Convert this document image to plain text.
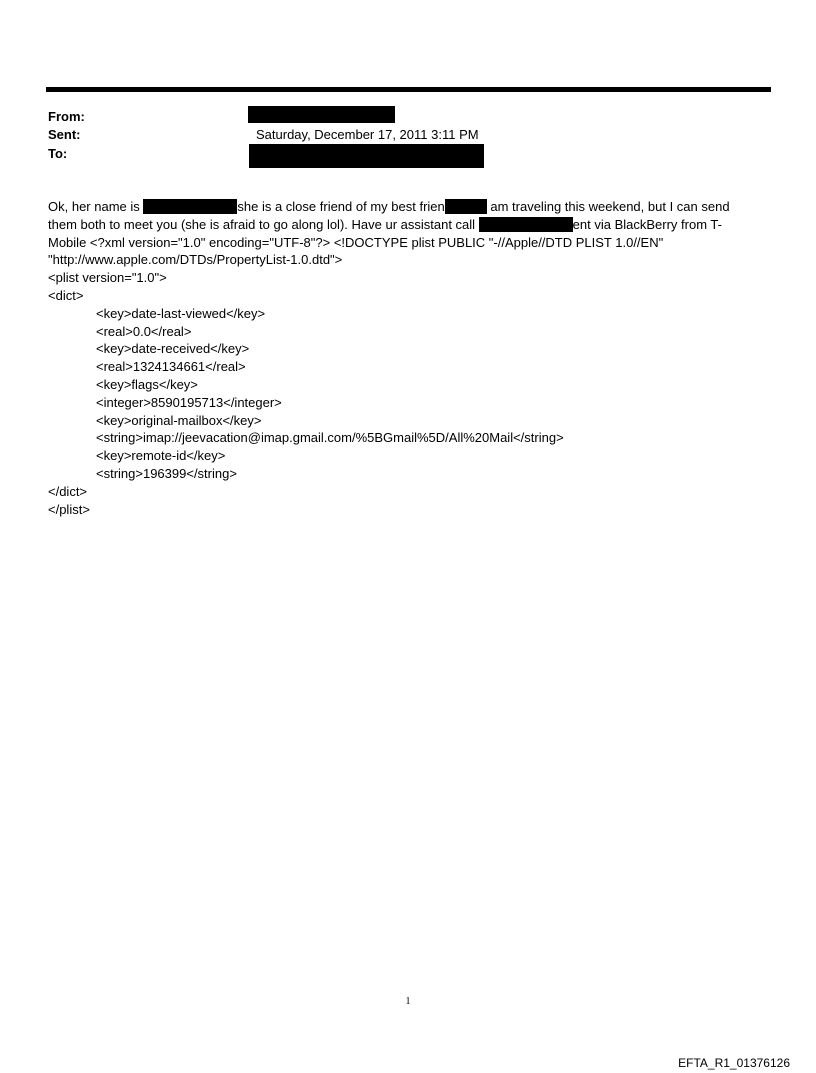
From:
Sent:	Saturday, December 17, 2011 3:11 PM
To:
Ok, her name is	she is a close friend of my best frien	am traveling this weekend, but I can send
them both to meet you (she is afraid to go along lol). Have ur assistant call	ent via BlackBerry from T-
Mobile <?xml version="1.0" encoding="UTF-8"?> <!DOCTYPE plist PUBLIC "-//Apple//DTD PLIST 1.0//EN"
"http://www.apple.com/DTDs/PropertyList-1.0.dtd">
<plist version="1.0">
<dict>
<key>date-last-viewed</key>
<real>0.0</real>
<key>date-received</key>
<real>1324134661</real>
<key>flags</key>
<integer>8590195713</integer>
<key>original-mailbox</key>
<string>imap://jeevacation@imap.gmail.com/%5BGmail%5D/All%20Mail</string>
<key>remote-id</key>
<string>196399</string>
</dict>
</plist>
1
EFTA_R1_01376126
